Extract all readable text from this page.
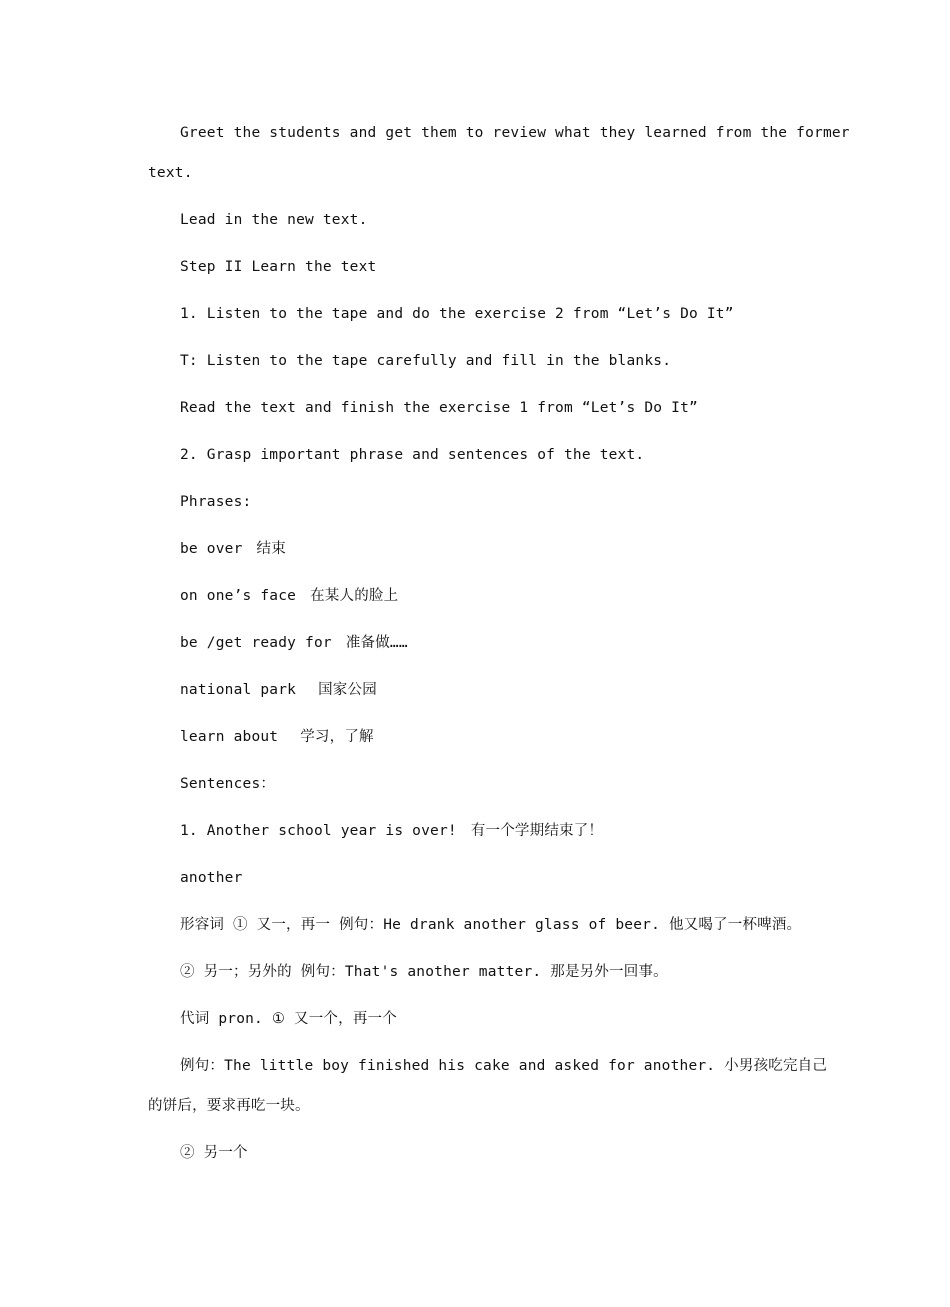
Greet the students and get them to review what they learned from the former

text.

Lead in the new text.

Step II Learn the text

1. Listen to the tape and do the exercise 2 from “Let’s Do It”

T: Listen to the tape carefully and fill in the blanks.

Read the text and finish the exercise 1 from “Let’s Do It”

2. Grasp important phrase and sentences of the text.

Phrases:

be over 结束

on one’s face 在某人的脸上

be /get ready for 准备做……

national park 国家公园

learn about 学习，了解

Sentences：

1. Another school year is over! 有一个学期结束了！

another

形容词 ① 又一，再一 例句：He drank another glass of beer. 他又喝了一杯啤酒。

② 另一；另外的 例句：That's another matter. 那是另外一回事。

代词 pron. ① 又一个，再一个

例句：The little boy finished his cake and asked for another. 小男孩吃完自己

的饼后，要求再吃一块。

② 另一个
